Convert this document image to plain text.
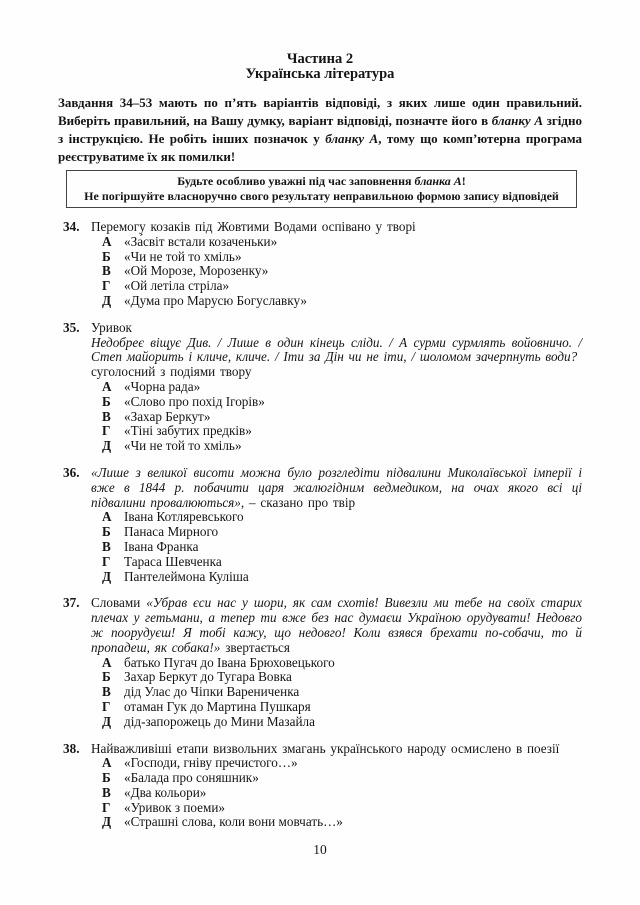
Частина 2
Українська література

Завдання 34–53 мають по п’ять варіантів відповіді, з яких лише один правильний. Виберіть правильний, на Вашу думку, варіант відповіді, позначте його в бланку А згідно з інструкцією. Не робіть інших позначок у бланку А, тому що комп’ютерна програма реєструватиме їх як помилки!

Будьте особливо уважні під час заповнення бланка А!
Не погіршуйте власноручно свого результату неправильною формою запису відповідей
34. Перемогу козаків під Жовтими Водами оспівано у творі
А «За́світ встали козаченьки»
Б «Чи не той то хміль»
В «Ой Морозе, Морозенку»
Г «Ой летіла стріла»
Д «Дума про Марусю Богуславку»
35. Уривок
Недобреє віщує Див. / Лише в один кінець сліди. / А сурми сурмлять войовничо. / Степ майорить і кличе, кличе. / Іти за Дін чи не іти, / шоломом зачерпнуть води?
суголосний з подіями твору
А «Чорна рада»
Б «Слово про похід Ігорів»
В «Захар Беркут»
Г «Тіні забутих предків»
Д «Чи не той то хміль»
36. «Лише з великої висоти можна було розгледіти підвалини Миколаївської імперії і вже в 1844 р. побачити царя жалюгідним ведмедиком, на очах якого всі ці підвалини провалюються», – сказано про твір
А Івана Котляревського
Б Панаса Мирного
В Івана Франка
Г Тараса Шевченка
Д Пантелеймона Куліша
37. Словами «Убрав єси нас у шори, як сам схотів! Вивезли ми тебе на своїх старих плечах у гетьмани, а тепер ти вже без нас думаєш Україною орудувати! Недовго ж поорудуєш! Я тобі кажу, що недовго! Коли взявся брехати по-собачи, то й пропадеш, як собака!» звертається
А батько Пугач до Івана Брюховецького
Б Захар Беркут до Тугара Вовка
В дід Улас до Чіпки Варениченка
Г отаман Гук до Мартина Пушкаря
Д дід-запорожець до Мини Мазайла
38. Найважливіші етапи визвольних змагань українського народу осмислено в поезії
А «Господи, гніву пречистого…»
Б «Балада про соняшник»
В «Два кольори»
Г «Уривок з поеми»
Д «Страшні слова, коли вони мовчать…»
10
